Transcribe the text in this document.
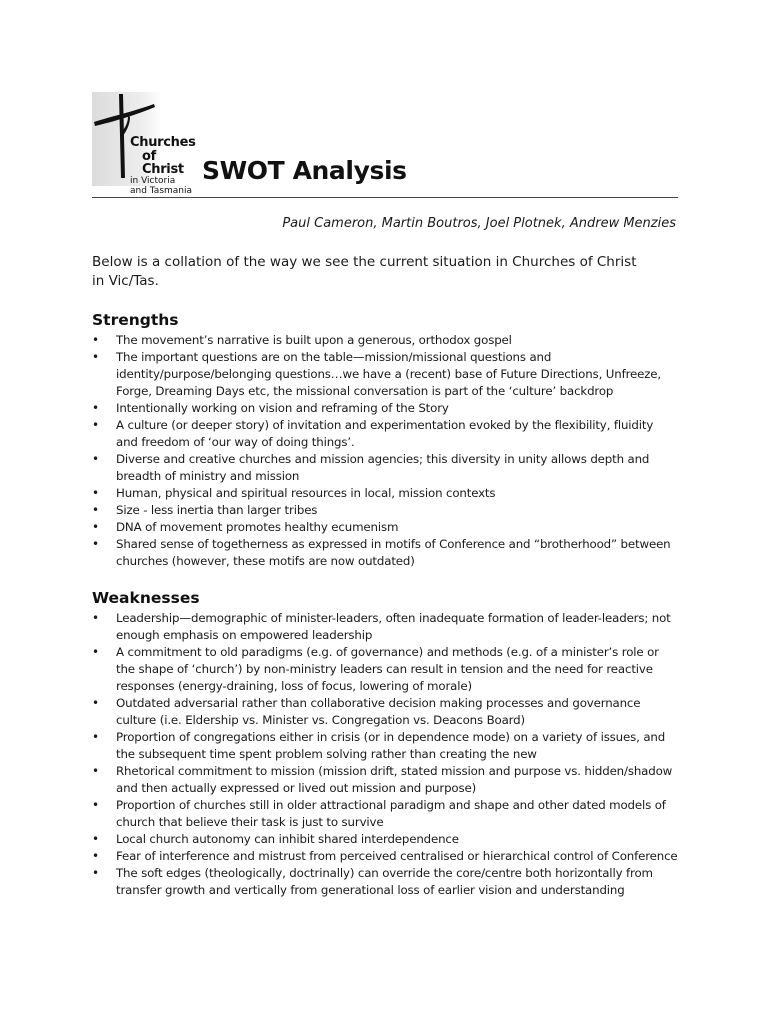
Churches
of Christ
in Victoria
and Tasmania
SWOT Analysis
Paul Cameron, Martin Boutros, Joel Plotnek, Andrew Menzies
Below is a collation of the way we see the current situation in Churches of Christ in Vic/Tas.
Strengths
• The movement’s narrative is built upon a generous, orthodox gospel
• The important questions are on the table—mission/missional questions and identity/purpose/belonging questions…we have a (recent) base of Future Directions, Unfreeze, Forge, Dreaming Days etc, the missional conversation is part of the ‘culture’ backdrop
• Intentionally working on vision and reframing of the Story
• A culture (or deeper story) of invitation and experimentation evoked by the flexibility, fluidity and freedom of ‘our way of doing things’.
• Diverse and creative churches and mission agencies; this diversity in unity allows depth and breadth of ministry and mission
• Human, physical and spiritual resources in local, mission contexts
• Size - less inertia than larger tribes
• DNA of movement promotes healthy ecumenism
• Shared sense of togetherness as expressed in motifs of Conference and “brotherhood” between churches (however, these motifs are now outdated)
Weaknesses
• Leadership—demographic of minister-leaders, often inadequate formation of leader-leaders; not enough emphasis on empowered leadership
• A commitment to old paradigms (e.g. of governance) and methods (e.g. of a minister’s role or the shape of ‘church’) by non-ministry leaders can result in tension and the need for reactive responses (energy-draining, loss of focus, lowering of morale)
• Outdated adversarial rather than collaborative decision making processes and governance culture (i.e. Eldership vs. Minister vs. Congregation vs. Deacons Board)
• Proportion of congregations either in crisis (or in dependence mode) on a variety of issues, and the subsequent time spent problem solving rather than creating the new
• Rhetorical commitment to mission (mission drift, stated mission and purpose vs. hidden/shadow and then actually expressed or lived out mission and purpose)
• Proportion of churches still in older attractional paradigm and shape and other dated models of church that believe their task is just to survive
• Local church autonomy can inhibit shared interdependence
• Fear of interference and mistrust from perceived centralised or hierarchical control of Conference
• The soft edges (theologically, doctrinally) can override the core/centre both horizontally from transfer growth and vertically from generational loss of earlier vision and understanding
